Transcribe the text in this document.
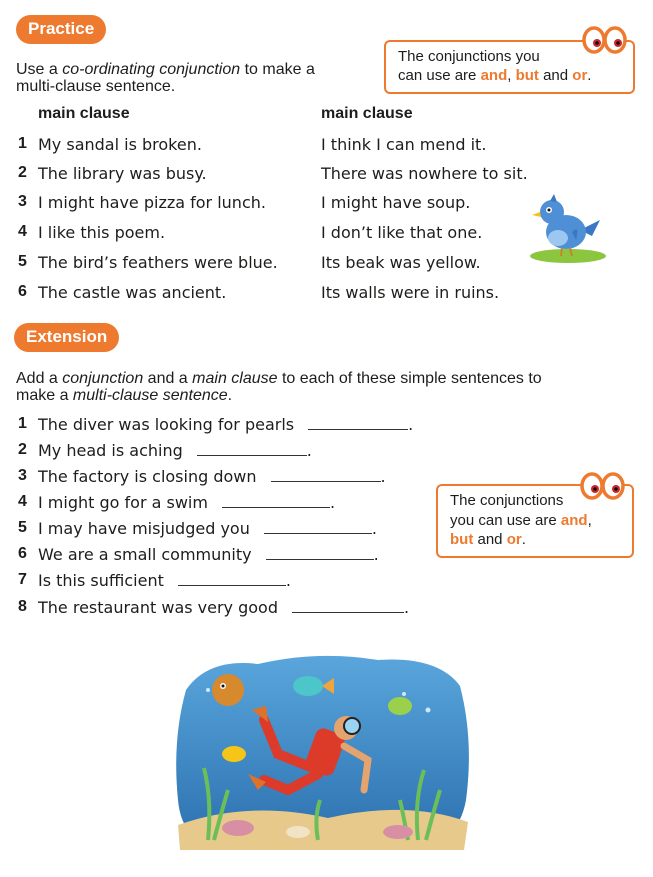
Practice
Use a co-ordinating conjunction to make a
multi-clause sentence.
The conjunctions you
can use are and, but and or.
main clause	main clause
1 My sandal is broken.	I think I can mend it.
2 The library was busy.	There was nowhere to sit.
3 I might have pizza for lunch.	I might have soup.
4 I like this poem.	I don’t like that one.
5 The bird’s feathers were blue.	Its beak was yellow.
6 The castle was ancient.	Its walls were in ruins.
Extension
Add a conjunction and a main clause to each of these simple sentences to
make a multi-clause sentence.
1 The diver was looking for pearls	.
2 My head is aching	.
3 The factory is closing down	.
4 I might go for a swim	.
5 I may have misjudged you	.
6 We are a small community	.
7 Is this sufficient	.
8 The restaurant was very good	.
The conjunctions
you can use are and,
but and or.
